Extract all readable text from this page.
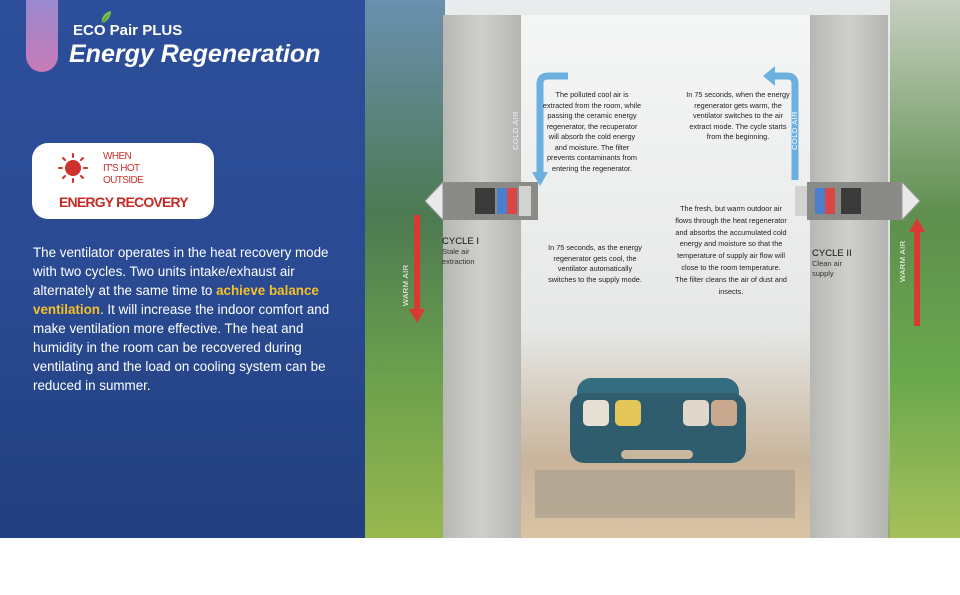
ECO Pair PLUS
Energy Regeneration
WHEN
IT'S HOT
OUTSIDE
ENERGY RECOVERY
The ventilator operates in the heat recovery mode with two cycles. Two units intake/exhaust air alternately at the same time to achieve balance ventilation. It will increase the indoor comfort and make ventilation more effective. The heat and humidity in the room can be recovered during ventilating and the load on cooling system can be reduced in summer.
COLD AIR	COLD AIR
WARM AIR
WARM AIR
CYCLE I
Stale air
extraction
CYCLE II
Clean air
supply
The polluted cool air is extracted from the room, while passing the ceramic energy regenerator, the recuperator will absorb the cold energy and moisture. The filter prevents contaminants from entering the regenerator.
In 75 seconds, when the energy regenerator gets warm, the ventilator switches to the air extract mode. The cycle starts from the beginning.
In 75 seconds, as the energy regenerator gets cool, the ventilator automatically switches to the supply mode.
The fresh, but warm outdoor air flows through the heat regenerator and absorbs the accumulated cold energy and moisture so that the temperature of supply air flow will close to the room temperature. The filter cleans the air of dust and insects.
